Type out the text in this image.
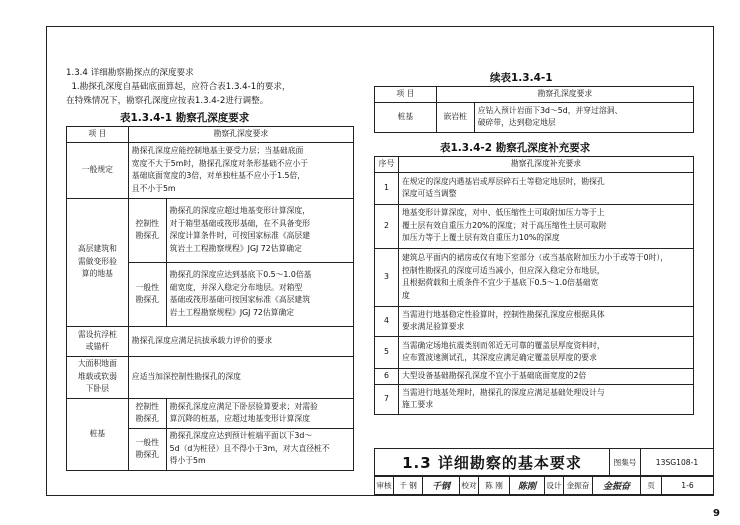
1.3.4 详细勘察勘探点的深度要求
1.勘探孔深度自基础底面算起，应符合表1.3.4-1的要求，
在特殊情况下，勘察孔深度应按表1.3.4-2进行调整。
表1.3.4-1 勘察孔深度要求
项 目	勘察孔深度要求	
一般规定	勘探孔深度应能控制地基主要受力层；当基础底面
宽度不大于5m时，勘探孔深度对条形基础不应小于
基础底面宽度的3倍，对单独柱基不应小于1.5倍，
且不小于5m	
高层建筑和
需做变形验
算的地基	控制性
勘探孔	勘探孔的深度应超过地基变形计算深度，
对于箱型基础或筏形基础，在不具备变形
深度计算条件时，可按国家标准《高层建
筑岩土工程勘察规程》JGJ 72估算确定
	一般性
勘探孔	勘探孔的深度应达到基底下0.5～1.0倍基
础宽度，并深入稳定分布地层。对箱型
基础或筏形基础可按国家标准《高层建筑
岩土工程勘察规程》JGJ 72估算确定
需设抗浮桩
或锚杆	勘探孔深度应满足抗拔承载力评价的要求	
大面积地面
堆载或软弱
下卧层	应适当加深控制性勘探孔的深度	
桩基	控制性
勘探孔	勘探孔深度应满足下卧层验算要求；对需验
算沉降的桩基，应超过地基变形计算深度
	一般性
勘探孔	勘探孔深度应达到预计桩端平面以下3d～
5d（d为桩径）且不得小于3m，对大直径桩不
得小于5m
续表1.3.4-1
项 目	勘察孔深度要求	
桩基	嵌岩桩	应钻入预计岩面下3d～5d，并穿过溶洞、
破碎带，达到稳定地层
表1.3.4-2 勘察孔深度补充要求
序号	勘察孔深度补充要求
1	在规定的深度内遇基岩或厚层碎石土等稳定地层时，勘探孔
深度可适当调整
2	地基变形计算深度，对中、低压缩性土可取附加压力等于上
覆土层有效自重压力20%的深度；对于高压缩性土层可取附
加压力等于上覆土层有效自重压力10%的深度
3	建筑总平面内的裙房或仅有地下室部分（或当基底附加压力小于或等于0时），
控制性勘探孔的深度可适当减小，但应深入稳定分布地层，
且根据荷载和土质条件不宜少于基底下0.5～1.0倍基础宽
度
4	当需进行地基稳定性验算时，控制性勘探孔深度应根据具体
要求满足验算要求
5	当需确定场地抗震类别而邻近无可靠的覆盖层厚度资料时，
应布置波速测试孔，其深度应满足确定覆盖层厚度的要求
6	大型设备基础勘探孔深度不宜小于基础底面宽度的2倍
7	当需进行地基处理时，勘探孔的深度应满足基础处理设计与
施工要求
1.3 详细勘察的基本要求	图集号	13SG108-1
审核 千 钢	千钢	校对	陈 刚	陈刚	设计 金振奋	金振奋	页	1-6
9
